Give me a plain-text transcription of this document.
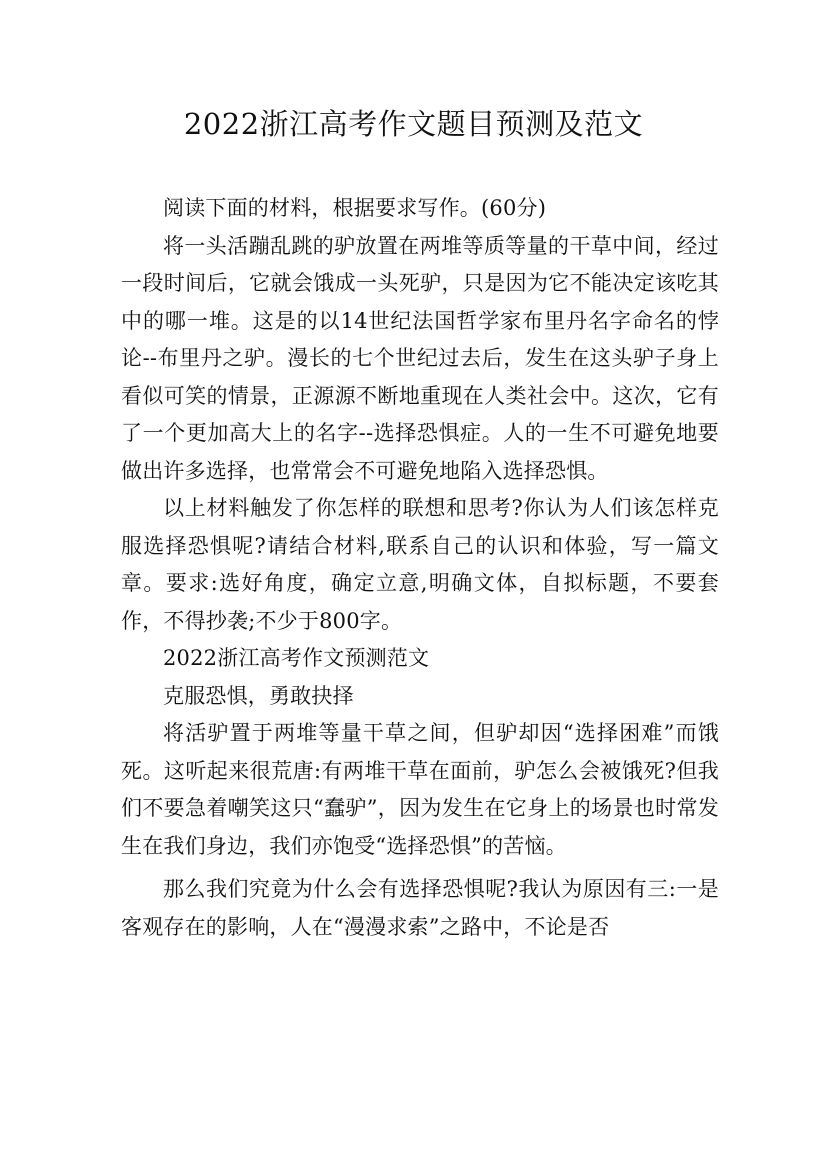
2022浙江高考作文题目预测及范文

阅读下面的材料，根据要求写作。(60分)

将一头活蹦乱跳的驴放置在两堆等质等量的干草中间，经过一段时间后，它就会饿成一头死驴，只是因为它不能决定该吃其中的哪一堆。这是的以14世纪法国哲学家布里丹名字命名的悖论--布里丹之驴。漫长的七个世纪过去后，发生在这头驴子身上看似可笑的情景，正源源不断地重现在人类社会中。这次，它有了一个更加高大上的名字--选择恐惧症。人的一生不可避免地要做出许多选择，也常常会不可避免地陷入选择恐惧。

以上材料触发了你怎样的联想和思考?你认为人们该怎样克服选择恐惧呢?请结合材料,联系自己的认识和体验，写一篇文章。要求:选好角度，确定立意,明确文体，自拟标题，不要套作，不得抄袭;不少于800字。

2022浙江高考作文预测范文

克服恐惧，勇敢抉择

将活驴置于两堆等量干草之间，但驴却因“选择困难”而饿死。这听起来很荒唐:有两堆干草在面前，驴怎么会被饿死?但我们不要急着嘲笑这只“蠢驴”，因为发生在它身上的场景也时常发生在我们身边，我们亦饱受“选择恐惧”的苦恼。

那么我们究竟为什么会有选择恐惧呢?我认为原因有三:一是客观存在的影响，人在“漫漫求索”之路中，不论是否
